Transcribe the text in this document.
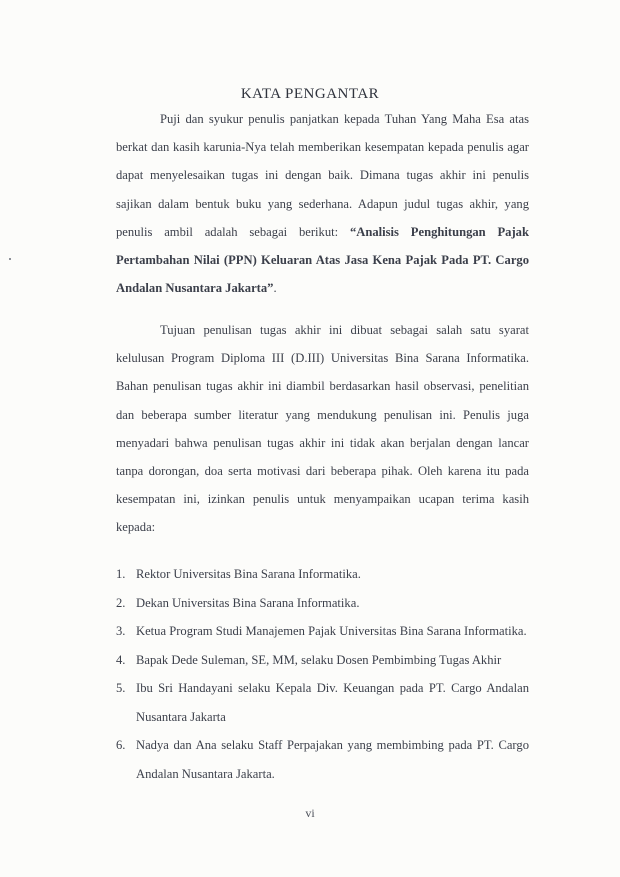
KATA PENGANTAR

Puji dan syukur penulis panjatkan kepada Tuhan Yang Maha Esa atas berkat dan kasih karunia-Nya telah memberikan kesempatan kepada penulis agar dapat menyelesaikan tugas ini dengan baik. Dimana tugas akhir ini penulis sajikan dalam bentuk buku yang sederhana. Adapun judul tugas akhir, yang penulis ambil adalah sebagai berikut: “Analisis Penghitungan Pajak Pertambahan Nilai (PPN) Keluaran Atas Jasa Kena Pajak Pada PT. Cargo Andalan Nusantara Jakarta”.

Tujuan penulisan tugas akhir ini dibuat sebagai salah satu syarat kelulusan Program Diploma III (D.III) Universitas Bina Sarana Informatika. Bahan penulisan tugas akhir ini diambil berdasarkan hasil observasi, penelitian dan beberapa sumber literatur yang mendukung penulisan ini. Penulis juga menyadari bahwa penulisan tugas akhir ini tidak akan berjalan dengan lancar tanpa dorongan, doa serta motivasi dari beberapa pihak. Oleh karena itu pada kesempatan ini, izinkan penulis untuk menyampaikan ucapan terima kasih kepada:

1. Rektor Universitas Bina Sarana Informatika.
2. Dekan Universitas Bina Sarana Informatika.
3. Ketua Program Studi Manajemen Pajak Universitas Bina Sarana Informatika.
4. Bapak Dede Suleman, SE, MM, selaku Dosen Pembimbing Tugas Akhir
5. Ibu Sri Handayani selaku Kepala Div. Keuangan pada PT. Cargo Andalan Nusantara Jakarta
6. Nadya dan Ana selaku Staff Perpajakan yang membimbing pada PT. Cargo Andalan Nusantara Jakarta.
vi
